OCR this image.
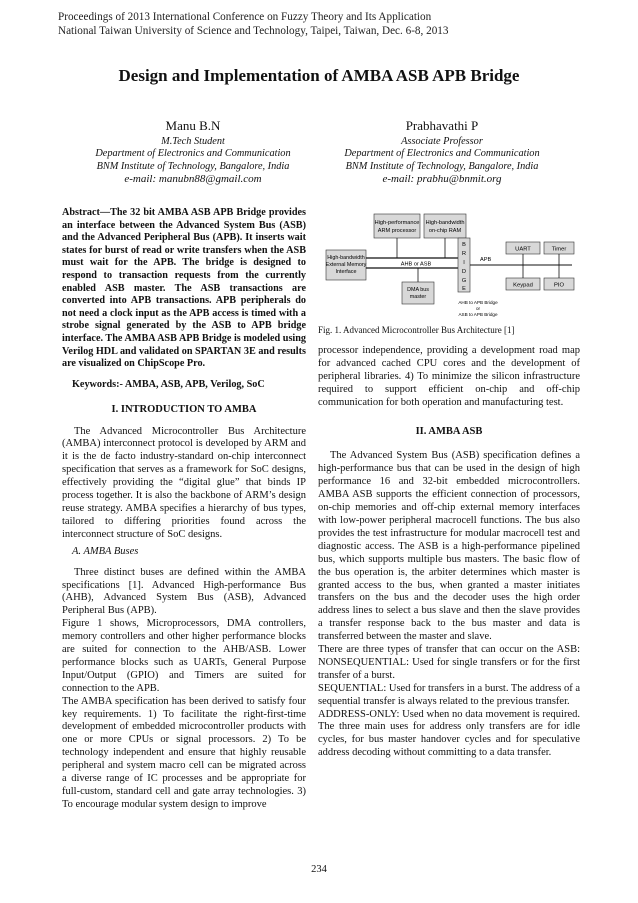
Proceedings of 2013 International Conference on Fuzzy Theory and Its Application
National Taiwan University of Science and Technology, Taipei, Taiwan, Dec. 6-8, 2013
Design and Implementation of AMBA ASB APB Bridge
Manu B.N
M.Tech Student
Department of Electronics and Communication
BNM Institute of Technology, Bangalore, India
e-mail: manubn88@gmail.com
Prabhavathi P
Associate Professor
Department of Electronics and Communication
BNM Institute of Technology, Bangalore, India
e-mail: prabhu@bnmit.org

Abstract—The 32 bit AMBA ASB APB Bridge provides an interface between the Advanced System Bus (ASB) and the Advanced Peripheral Bus (APB). It inserts wait states for burst of read or write transfers when the ASB must wait for the APB. The bridge is designed to respond to transaction requests from the currently enabled ASB master. The ASB transactions are converted into APB transactions. APB peripherals do not need a clock input as the APB access is timed with a strobe signal generated by the ASB to APB bridge interface. The AMBA ASB APB Bridge is modeled using Verilog HDL and validated on SPARTAN 3E and results are visualized on ChipScope Pro.

Keywords:- AMBA, ASB, APB, Verilog, SoC

I. INTRODUCTION TO AMBA

The Advanced Microcontroller Bus Architecture (AMBA) interconnect protocol is developed by ARM and it is the de facto industry-standard on-chip interconnect specification that serves as a framework for SoC designs, effectively providing the “digital glue” that binds IP process together. It is also the backbone of ARM’s design reuse strategy. AMBA specifies a hierarchy of bus types, tailored to differing priorities found across the interconnect structure of SoC designs.

A. AMBA Buses

Three distinct buses are defined within the AMBA specifications [1]. Advanced High-performance Bus (AHB), Advanced System Bus (ASB), Advanced Peripheral Bus (APB).

Figure 1 shows, Microprocessors, DMA controllers, memory controllers and other higher performance blocks are suited for connection to the AHB/ASB. Lower performance blocks such as UARTs, General Purpose Input/Output (GPIO) and Timers are suited for connection to the APB.

The AMBA specification has been derived to satisfy four key requirements. 1) To facilitate the right-first-time development of embedded microcontroller products with one or more CPUs or signal processors. 2) To be technology independent and ensure that highly reusable peripheral and system macro cell can be migrated across a diverse range of IC processes and be appropriate for full-custom, standard cell and gate array technologies. 3) To encourage modular system design to improve

High-performance
ARM processor
High-bandwidth
on-chip RAM
High-bandwidth
External Memory
Interface
AHB or ASB
DMA bus
master
B
R
I
D
G
E
APB
UART	Timer
Keypad	PIO
AHB to APB Bridge
or
ASB to APB Bridge
Fig. 1. Advanced Microcontroller Bus Architecture [1]

processor independence, providing a development road map for advanced cached CPU cores and the development of peripheral libraries. 4) To minimize the silicon infrastructure required to support efficient on-chip and off-chip communication for both operation and manufacturing test.

II. AMBA ASB

The Advanced System Bus (ASB) specification defines a high-performance bus that can be used in the design of high performance 16 and 32-bit embedded microcontrollers. AMBA ASB supports the efficient connection of processors, on-chip memories and off-chip external memory interfaces with low-power peripheral macrocell functions. The bus also provides the test infrastructure for modular macrocell test and diagnostic access. The ASB is a high-performance pipelined bus, which supports multiple bus masters. The basic flow of the bus operation is, the arbiter determines which master is granted access to the bus, when granted a master initiates transfers on the bus and the decoder uses the high order address lines to select a bus slave and then the slave provides a transfer response back to the bus master and data is transferred between the master and slave.

There are three types of transfer that can occur on the ASB: NONSEQUENTIAL: Used for single transfers or for the first transfer of a burst.

SEQUENTIAL: Used for transfers in a burst. The address of a sequential transfer is always related to the previous transfer.

ADDRESS-ONLY: Used when no data movement is required. The three main uses for address only transfers are for idle cycles, for bus master handover cycles and for speculative address decoding without committing to a data transfer.

234
